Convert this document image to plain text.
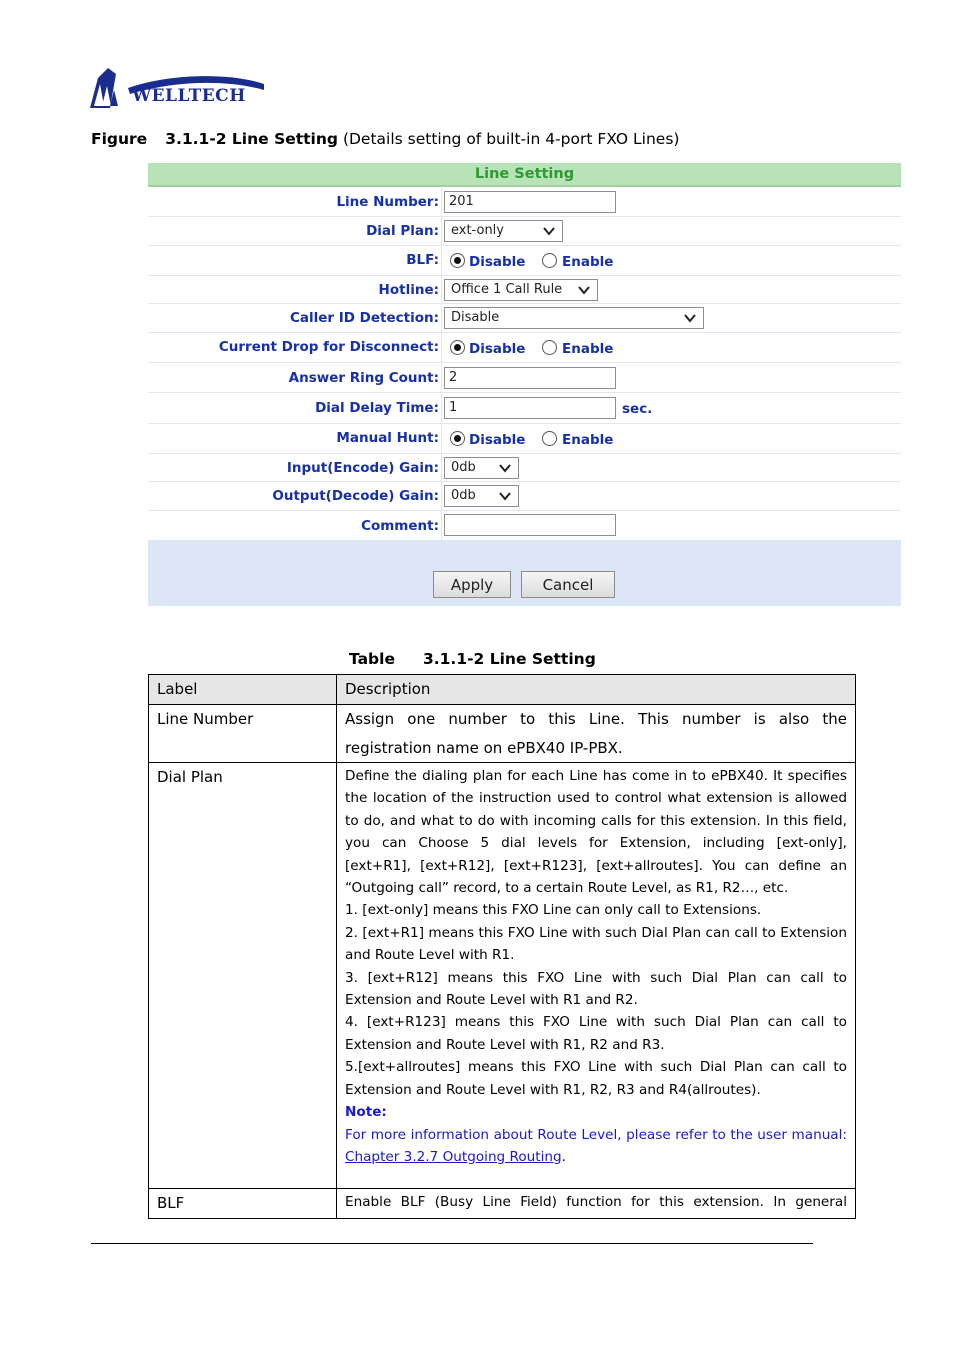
WELLTECH
Figure 3.1.1-2 Line Setting (Details setting of built-in 4-port FXO Lines)
Line Setting
Line Number: 201
Dial Plan: ext-only
BLF: Disable	Enable
Hotline: Office 1 Call Rule
Caller ID Detection: Disable
Current Drop for Disconnect: Disable	Enable
Answer Ring Count: 2
Dial Delay Time: 1	sec.
Manual Hunt: Disable	Enable
Input(Encode) Gain: 0db
Output(Decode) Gain: 0db
Comment:
Apply	Cancel
Table 3.1.1-2 Line Setting
Label	Description
Line Number	Assign one number to this Line. This number is also the
registration name on ePBX40 IP-PBX.
Dial Plan	Define the dialing plan for each Line has come in to ePBX40. It specifies the location of the instruction used to control what extension is allowed to do, and what to do with incoming calls for this extension. In this field, you can Choose 5 dial levels for Extension, including [ext-only], [ext+R1], [ext+R12], [ext+R123], [ext+allroutes]. You can define an “Outgoing call” record, to a certain Route Level, as R1, R2…, etc.

1. [ext-only] means this FXO Line can only call to Extensions.

2. [ext+R1] means this FXO Line with such Dial Plan can call to Extension and Route Level with R1.

3. [ext+R12] means this FXO Line with such Dial Plan can call to Extension and Route Level with R1 and R2.

4. [ext+R123] means this FXO Line with such Dial Plan can call to Extension and Route Level with R1, R2 and R3.

5.[ext+allroutes] means this FXO Line with such Dial Plan can call to Extension and Route Level with R1, R2, R3 and R4(allroutes).

Note:

For more information about Route Level, please refer to the user manual: Chapter 3.2.7 Outgoing Routing.

BLF	Enable BLF (Busy Line Field) function for this extension. In general
